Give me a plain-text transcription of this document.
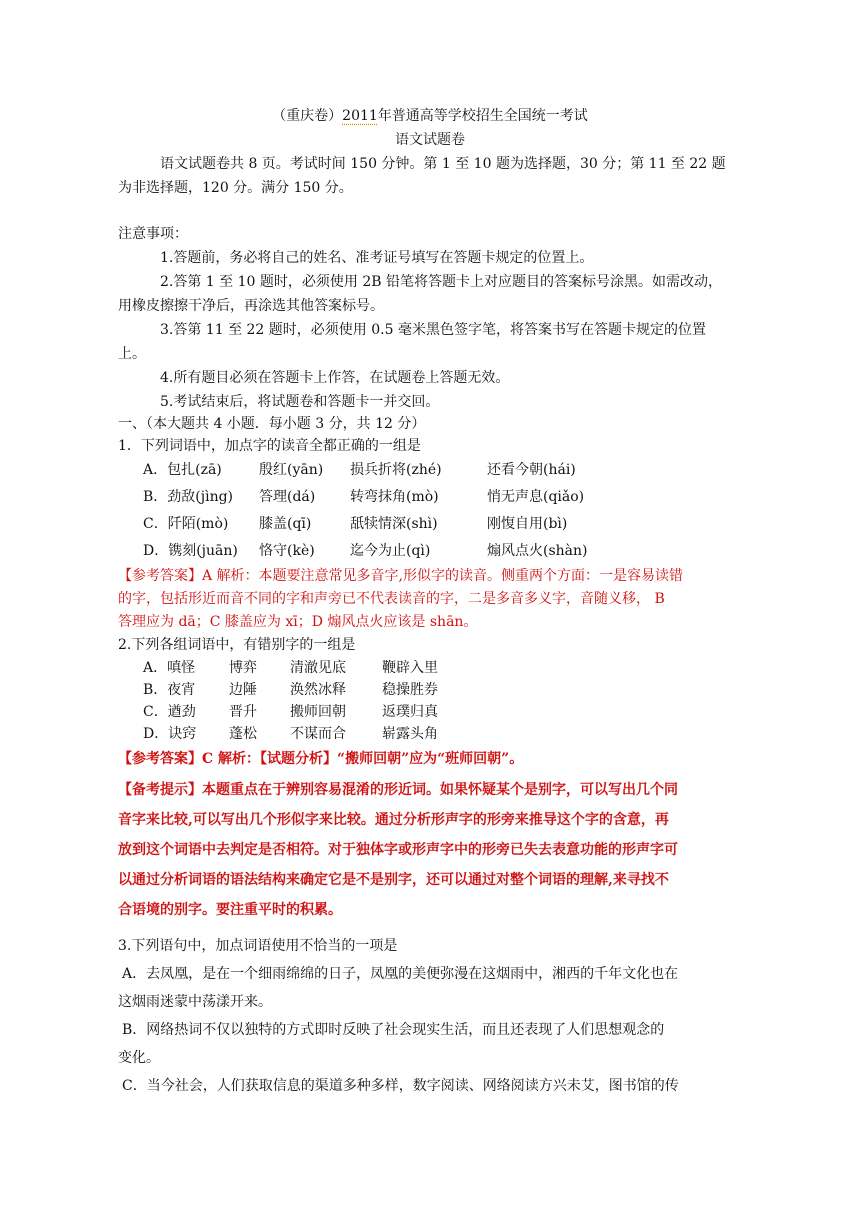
（重庆卷）2011年普通高等学校招生全国统一考试
语文试题卷
语文试题卷共 8 页。考试时间 150 分钟。第 1 至 10 题为选择题，30 分；第 11 至 22 题
为非选择题，120 分。满分 150 分。
注意事项：
1.答题前，务必将自己的姓名、准考证号填写在答题卡规定的位置上。
2.答第 1 至 10 题时，必须使用 2B 铅笔将答题卡上对应题目的答案标号涂黑。如需改动，
用橡皮擦擦干净后，再涂选其他答案标号。
3.答第 11 至 22 题时，必须使用 0.5 毫米黑色签字笔，将答案书写在答题卡规定的位置
上。
4.所有题目必须在答题卡上作答，在试题卷上答题无效。
5.考试结束后，将试题卷和答题卡一并交回。
一、（本大题共 4 小题．每小题 3 分，共 12 分）
1．下列词语中，加点字的读音全都正确的一组是
A．包扎(zā)	殷红(yān) 损兵折将(zhé)	还看今朝(hái)
B．劲敌(jìng) 答理(dá) 转弯抹角(mò)	悄无声息(qiǎo)
C．阡陌(mò) 膝盖(qī)	舐犊情深(shì)	刚愎自用(bì)
D．镌刻(juān) 恪守(kè)	迄今为止(qì)	煽风点火(shàn)
【参考答案】A 解析：本题要注意常见多音字,形似字的读音。侧重两个方面：一是容易读错
的字，包括形近而音不同的字和声旁已不代表读音的字，二是多音多义字，音随义移， B
答理应为 dā；C 膝盖应为 xī；D 煽风点火应该是 shān。
2.下列各组词语中，有错别字的一组是
A．嗔怪 博弈 清澈见底	鞭辟入里
B．夜宵 边陲 涣然冰释	稳操胜券
C．遒劲 晋升 搬师回朝	返璞归真
D．诀窍 蓬松 不谋而合	崭露头角
【参考答案】C 解析：【试题分析】“搬师回朝”应为“班师回朝”。
【备考提示】本题重点在于辨别容易混淆的形近词。如果怀疑某个是别字，可以写出几个同
音字来比较,可以写出几个形似字来比较。通过分析形声字的形旁来推导这个字的含意，再
放到这个词语中去判定是否相符。对于独体字或形声字中的形旁已失去表意功能的形声字可
以通过分析词语的语法结构来确定它是不是别字，还可以通过对整个词语的理解,来寻找不
合语境的别字。要注重平时的积累。
3.下列语句中，加点词语使用不恰当的一项是
A．去凤凰，是在一个细雨绵绵的日子，凤凰的美便弥漫在这烟雨中，湘西的千年文化也在
这烟雨迷蒙中荡漾开来。
B．网络热词不仅以独特的方式即时反映了社会现实生活，而且还表现了人们思想观念的
变化。
C．当今社会，人们获取信息的渠道多种多样，数字阅读、网络阅读方兴未艾，图书馆的传
